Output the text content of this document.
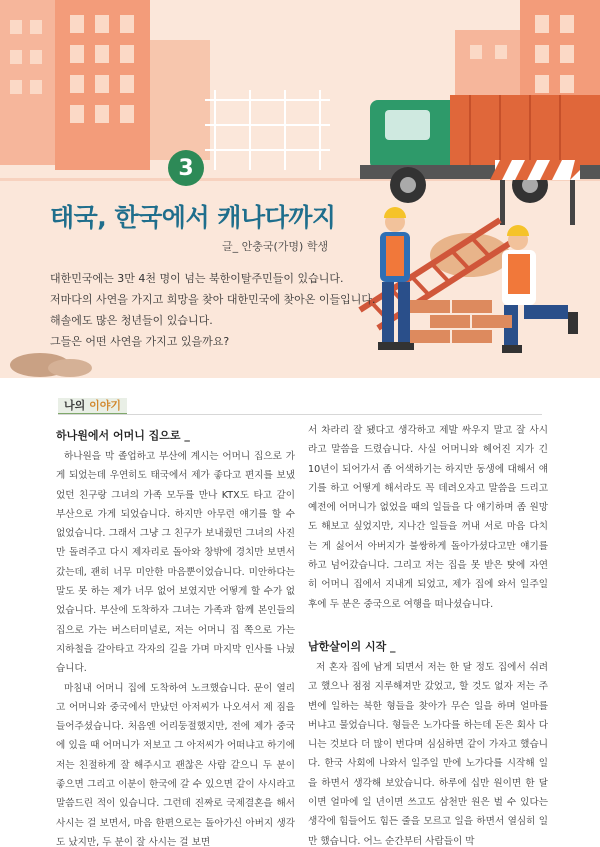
3
태국, 한국에서 캐나다까지
글_ 안충국(가명) 학생

대한민국에는 3만 4천 명이 넘는 북한이탈주민들이 있습니다.

저마다의 사연을 가지고 희망을 찾아 대한민국에 찾아온 이들입니다.

해솔에도 많은 청년들이 있습니다.

그들은 어떤 사연을 가지고 있을까요?

나의 이야기
하나원에서 어머니 집으로 _

하나원을 막 졸업하고 부산에 계시는 어머니 집으로 가게 되었는데 우연히도 태국에서 제가 좋다고 편지를 보냈었던 친구랑 그녀의 가족 모두를 만나 KTX도 타고 같이 부산으로 가게 되었습니다. 하지만 아무런 얘기를 할 수 없었습니다. 그래서 그냥 그 친구가 보내줬던 그녀의 사진만 돌려주고 다시 제자리로 돌아와 창밖에 경치만 보면서 갔는데, 괜히 너무 미안한 마음뿐이었습니다. 미안하다는 말도 못 하는 제가 너무 없어 보였지만 어떻게 할 수가 없었습니다. 부산에 도착하자 그녀는 가족과 함께 본인들의 집으로 가는 버스터미널로, 저는 어머니 집 쪽으로 가는 지하철을 갈아타고 각자의 길을 가며 마지막 인사를 나눴습니다.

마침내 어머니 집에 도착하여 노크했습니다. 문이 열리고 어머니와 중국에서 만났던 아저씨가 나오셔서 제 짐을 들어주셨습니다. 처음엔 어리둥절했지만, 전에 제가 중국에 있을 때 어머니가 저보고 그 아저씨가 어떠냐고 하기에 저는 친절하게 잘 해주시고 괜찮은 사람 같으니 두 분이 좋으면 그리고 이분이 한국에 갈 수 있으면 같이 사시라고 말씀드린 적이 있습니다. 그런데 진짜로 국제결혼을 해서 사시는 걸 보면서, 마음 한편으로는 돌아가신 아버지 생각도 났지만, 두 분이 잘 사시는 걸 보면

서 차라리 잘 됐다고 생각하고 제발 싸우지 말고 잘 사시라고 말씀을 드렸습니다. 사실 어머니와 헤어진 지가 긴 10년이 되어가서 좀 어색하기는 하지만 동생에 대해서 얘기를 하고 어떻게 해서라도 꼭 데려오자고 말씀을 드리고 예전에 어머니가 없었을 때의 일들을 다 얘기하며 좀 원망도 해보고 싶었지만, 지나간 일들을 꺼내 서로 마음 다치는 게 싫어서 아버지가 불쌍하게 돌아가셨다고만 얘기를 하고 넘어갔습니다. 그리고 저는 집을 못 받은 탓에 자연히 어머니 집에서 지내게 되었고, 제가 집에 와서 일주일 후에 두 분은 중국으로 여행을 떠나셨습니다.

남한살이의 시작 _

저 혼자 집에 남게 되면서 저는 한 달 정도 집에서 쉬려고 했으나 점점 지루해져만 갔었고, 할 것도 없자 저는 주변에 일하는 북한 형들을 찾아가 무슨 일을 하며 얼마를 버냐고 물었습니다. 형들은 노가다를 하는데 돈은 회사 다니는 것보다 더 많이 번다며 심심하면 같이 가자고 했습니다. 한국 사회에 나와서 일주일 만에 노가다를 시작해 일을 하면서 생각해 보았습니다. 하루에 십만 원이면 한 달이면 얼마에 일 년이면 쓰고도 삼천만 원은 벌 수 있다는 생각에 힘들어도 힘든 줄을 모르고 일을 하면서 열심히 일만 했습니다. 어느 순간부터 사람들이 막
